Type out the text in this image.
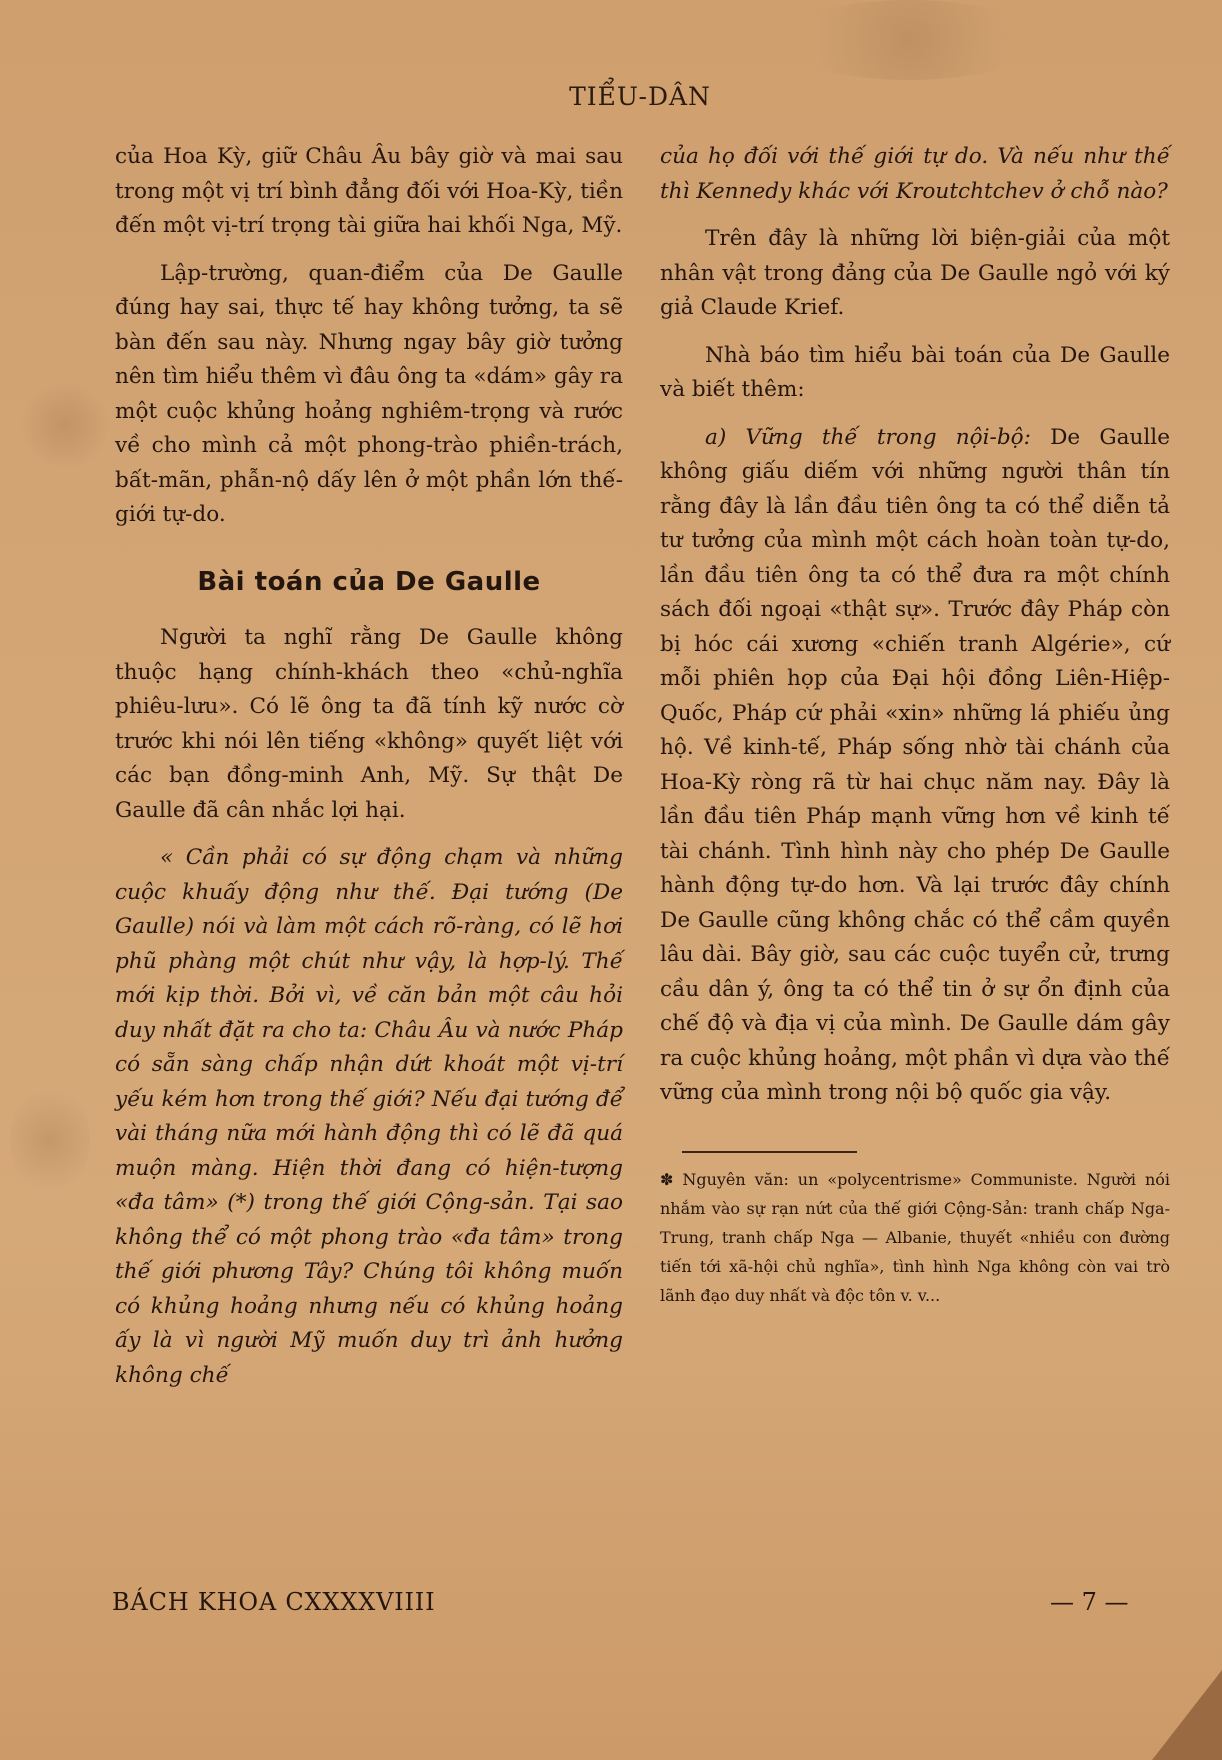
TIỂU-DÂN

của Hoa Kỳ, giữ Châu Âu bây giờ và mai sau trong một vị trí bình đẳng đối với Hoa-Kỳ, tiền đến một vị-trí trọng tài giữa hai khối Nga, Mỹ.

Lập-trường, quan-điểm của De Gaulle đúng hay sai, thực tế hay không tưởng, ta sẽ bàn đến sau này. Nhưng ngay bây giờ tưởng nên tìm hiểu thêm vì đâu ông ta «dám» gây ra một cuộc khủng hoảng nghiêm-trọng và rước về cho mình cả một phong-trào phiền-trách, bất-mãn, phẫn-nộ dấy lên ở một phần lớn thế-giới tự-do.

Bài toán của De Gaulle

Người ta nghĩ rằng De Gaulle không thuộc hạng chính-khách theo «chủ-nghĩa phiêu-lưu». Có lẽ ông ta đã tính kỹ nước cờ trước khi nói lên tiếng «không» quyết liệt với các bạn đồng-minh Anh, Mỹ. Sự thật De Gaulle đã cân nhắc lợi hại.

« Cần phải có sự động chạm và những cuộc khuấy động như thế. Đại tướng (De Gaulle) nói và làm một cách rõ-ràng, có lẽ hơi phũ phàng một chút như vậy, là hợp-lý. Thế mới kịp thời. Bởi vì, về căn bản một câu hỏi duy nhất đặt ra cho ta: Châu Âu và nước Pháp có sẵn sàng chấp nhận dứt khoát một vị-trí yếu kém hơn trong thế giới? Nếu đại tướng để vài tháng nữa mới hành động thì có lẽ đã quá muộn màng. Hiện thời đang có hiện-tượng «đa tâm» (*) trong thế giới Cộng-sản. Tại sao không thể có một phong trào «đa tâm» trong thế giới phương Tây? Chúng tôi không muốn có khủng hoảng nhưng nếu có khủng hoảng ấy là vì người Mỹ muốn duy trì ảnh hưởng không chế

của họ đối với thế giới tự do. Và nếu như thế thì Kennedy khác với Kroutchtchev ở chỗ nào?

Trên đây là những lời biện-giải của một nhân vật trong đảng của De Gaulle ngỏ với ký giả Claude Krief.

Nhà báo tìm hiểu bài toán của De Gaulle và biết thêm:

a) Vững thế trong nội-bộ: De Gaulle không giấu diếm với những người thân tín rằng đây là lần đầu tiên ông ta có thể diễn tả tư tưởng của mình một cách hoàn toàn tự-do, lần đầu tiên ông ta có thể đưa ra một chính sách đối ngoại «thật sự». Trước đây Pháp còn bị hóc cái xương «chiến tranh Algérie», cứ mỗi phiên họp của Đại hội đồng Liên-Hiệp-Quốc, Pháp cứ phải «xin» những lá phiếu ủng hộ. Về kinh-tế, Pháp sống nhờ tài chánh của Hoa-Kỳ ròng rã từ hai chục năm nay. Đây là lần đầu tiên Pháp mạnh vững hơn về kinh tế tài chánh. Tình hình này cho phép De Gaulle hành động tự-do hơn. Và lại trước đây chính De Gaulle cũng không chắc có thể cầm quyền lâu dài. Bây giờ, sau các cuộc tuyển cử, trưng cầu dân ý, ông ta có thể tin ở sự ổn định của chế độ và địa vị của mình. De Gaulle dám gây ra cuộc khủng hoảng, một phần vì dựa vào thế vững của mình trong nội bộ quốc gia vậy.

✽ Nguyên văn: un «polycentrisme» Communiste. Người nói nhắm vào sự rạn nứt của thế giới Cộng-Sản: tranh chấp Nga-Trung, tranh chấp Nga — Albanie, thuyết «nhiều con đường tiến tới xã-hội chủ nghĩa», tình hình Nga không còn vai trò lãnh đạo duy nhất và độc tôn v. v...

BÁCH KHOA CXXXXVIIII	— 7 —
